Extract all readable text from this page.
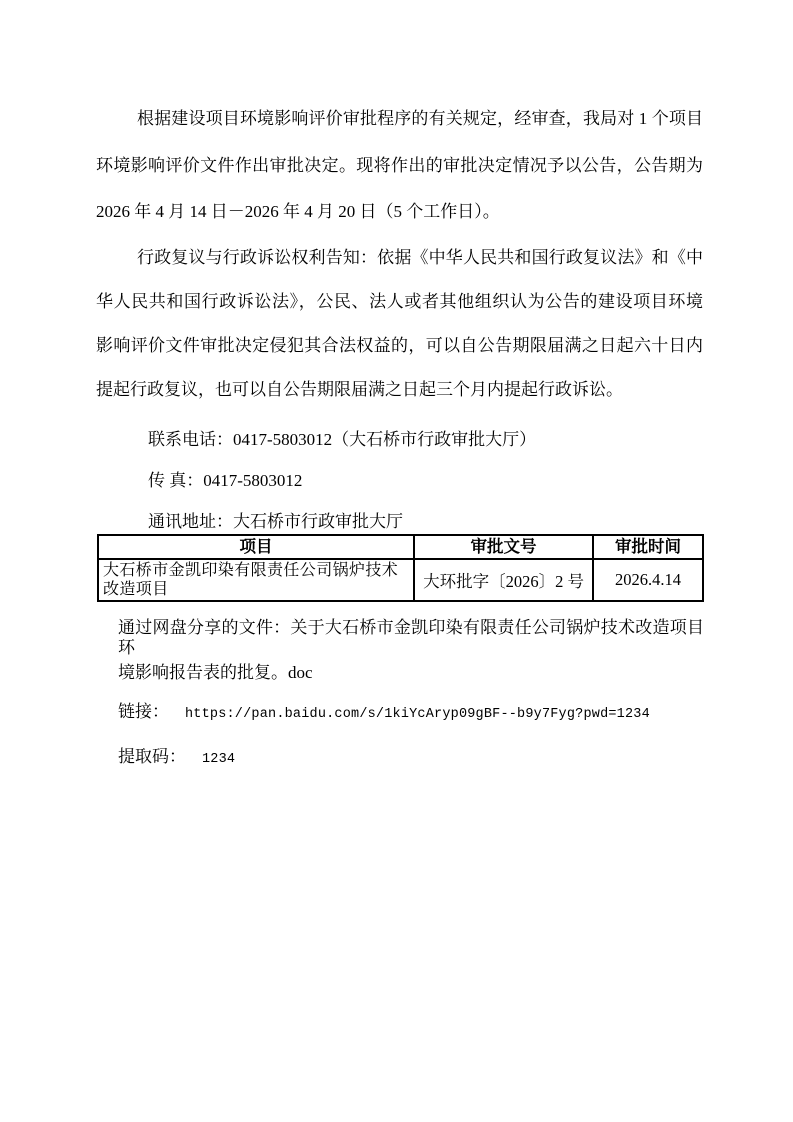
根据建设项目环境影响评价审批程序的有关规定，经审查，我局对 1 个项目
环境影响评价文件作出审批决定。现将作出的审批决定情况予以公告，公告期为
2026 年 4 月 14 日－2026 年 4 月 20 日（5 个工作日）。
行政复议与行政诉讼权利告知：依据《中华人民共和国行政复议法》和《中
华人民共和国行政诉讼法》，公民、法人或者其他组织认为公告的建设项目环境
影响评价文件审批决定侵犯其合法权益的，可以自公告期限届满之日起六十日内
提起行政复议，也可以自公告期限届满之日起三个月内提起行政诉讼。
联系电话：0417-5803012（大石桥市行政审批大厅）
传 真：0417-5803012
通讯地址：大石桥市行政审批大厅
项目	审批文号	审批时间
大石桥市金凯印染有限责任公司锅炉技术改造项目	大环批字〔2026〕2 号	2026.4.14
通过网盘分享的文件：关于大石桥市金凯印染有限责任公司锅炉技术改造项目环
境影响报告表的批复。doc
链接： https://pan.baidu.com/s/1kiYcAryp09gBF--b9y7Fyg?pwd=1234
提取码： 1234
